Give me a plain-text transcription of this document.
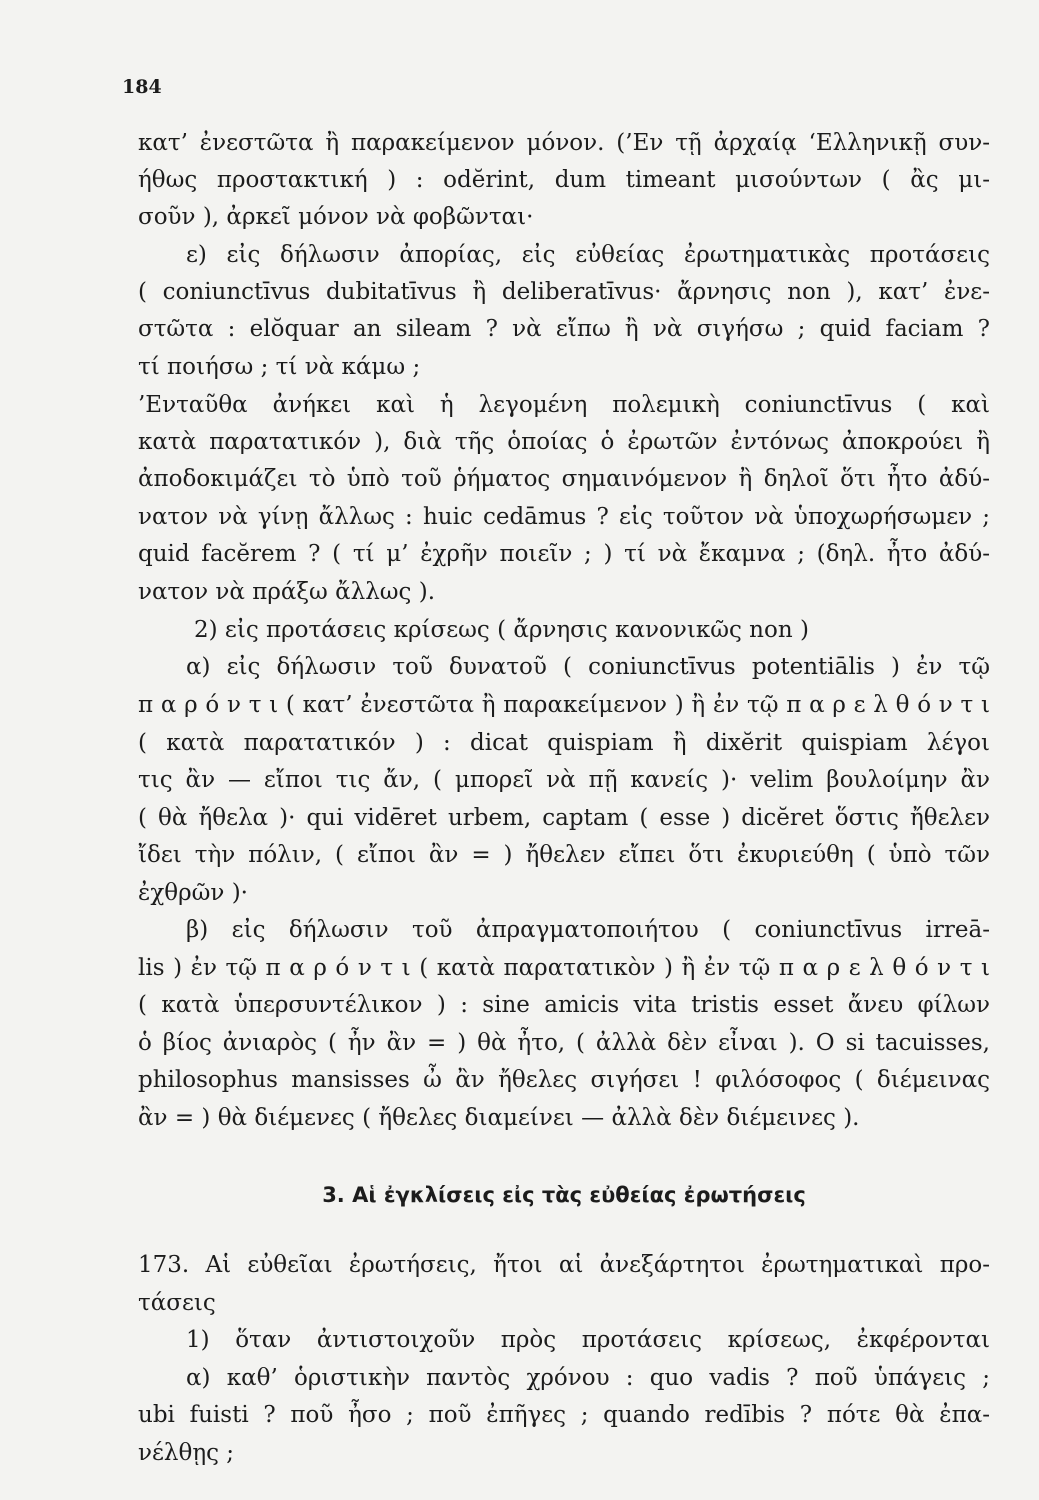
184
κατ’ ἐνεστῶτα ἢ παρακείμενον μόνον. (’Εν τῇ ἀρχαίᾳ ‘Ελληνικῇ συν-
ήθως προστακτική ) : odĕrint, dum timeant μισούντων ( ἂς μι-
σοῦν ), ἀρκεῖ μόνον νὰ φοβῶνται·
ε) εἰς δήλωσιν ἀπορίας, εἰς εὐθείας ἐρωτηματικὰς προτάσεις
( coniunctīvus dubitatīvus ἢ deliberatīvus· ἄρνησις non ), κατ’ ἐνε-
στῶτα : elŏquar an sileam ? νὰ εἴπω ἢ νὰ σιγήσω ; quid faciam ?
τί ποιήσω ; τί νὰ κάμω ;
’Ενταῦθα ἀνήκει καὶ ἡ λεγομένη πολεμικὴ coniunctīvus ( καὶ
κατὰ παρατατικόν ), διὰ τῆς ὁποίας ὁ ἐρωτῶν ἐντόνως ἀποκρούει ἢ
ἀποδοκιμάζει τὸ ὑπὸ τοῦ ῥήματος σημαινόμενον ἢ δηλοῖ ὅτι ἦτο ἀδύ-
νατον νὰ γίνῃ ἄλλως : huic cedāmus ? εἰς τοῦτον νὰ ὑποχωρήσωμεν ;
quid facĕrem ? ( τί μ’ ἐχρῆν ποιεῖν ; ) τί νὰ ἔκαμνα ; (δηλ. ἦτο ἀδύ-
νατον νὰ πράξω ἄλλως ).
2) εἰς προτάσεις κρίσεως ( ἄρνησις κανονικῶς non )
α) εἰς δήλωσιν τοῦ δυνατοῦ ( coniunctīvus potentiālis ) ἐν τῷ
π α ρ ό ν τ ι ( κατ’ ἐνεστῶτα ἢ παρακείμενον ) ἢ ἐν τῷ π α ρ ε λ θ ό ν τ ι
( κατὰ παρατατικόν ) : dicat quispiam ἢ dixĕrit quispiam λέγοι
τις ἂν — εἴποι τις ἄν, ( μπορεῖ νὰ πῇ κανείς )· velim βουλοίμην ἂν
( θὰ ἤθελα )· qui vidēret urbem, captam ( esse ) dicĕret ὅστις ἤθελεν
ἴδει τὴν πόλιν, ( εἴποι ἂν = ) ἤθελεν εἴπει ὅτι ἐκυριεύθη ( ὑπὸ τῶν
ἐχθρῶν )·
β) εἰς δήλωσιν τοῦ ἀπραγματοποιήτου ( coniunctīvus irreā-
lis ) ἐν τῷ π α ρ ό ν τ ι ( κατὰ παρατατικὸν ) ἢ ἐν τῷ π α ρ ε λ θ ό ν τ ι
( κατὰ ὑπερσυντέλικον ) : sine amicis vita tristis esset ἄνευ φίλων
ὁ βίος ἀνιαρὸς ( ἦν ἂν = ) θὰ ἦτο, ( ἀλλὰ δὲν εἶναι ). O si tacuisses,
philosophus mansisses ὦ ἂν ἤθελες σιγήσει ! φιλόσοφος ( διέμεινας
ἂν = ) θὰ διέμενες ( ἤθελες διαμείνει — ἀλλὰ δὲν διέμεινες ).
3. Αἱ ἐγκλίσεις εἰς τὰς εὐθείας ἐρωτήσεις
173. Αἱ εὐθεῖαι ἐρωτήσεις, ἤτοι αἱ ἀνεξάρτητοι ἐρωτηματικαὶ προ-
τάσεις
1) ὅταν ἀντιστοιχοῦν πρὸς προτάσεις κρίσεως, ἐκφέρονται
α) καθ’ ὁριστικὴν παντὸς χρόνου : quo vadis ? ποῦ ὑπάγεις ;
ubi fuisti ? ποῦ ἦσο ; ποῦ ἐπῆγες ; quando redībis ? πότε θὰ ἐπα-
νέλθῃς ;
